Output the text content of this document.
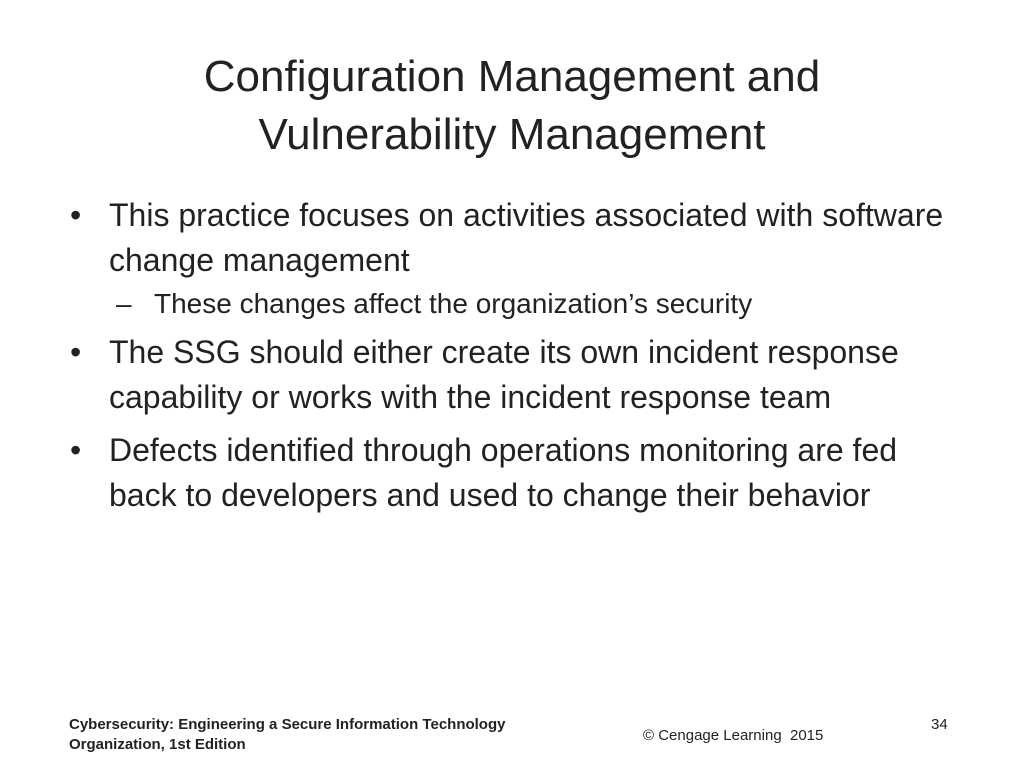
Configuration Management and
Vulnerability Management
• This practice focuses on activities associated with software change management
– These changes affect the organization’s security
• The SSG should either create its own incident response capability or works with the incident response team
• Defects identified through operations monitoring are fed back to developers and used to change their behavior
Cybersecurity: Engineering a Secure Information Technology
Organization, 1st Edition
© Cengage Learning  2015
34
